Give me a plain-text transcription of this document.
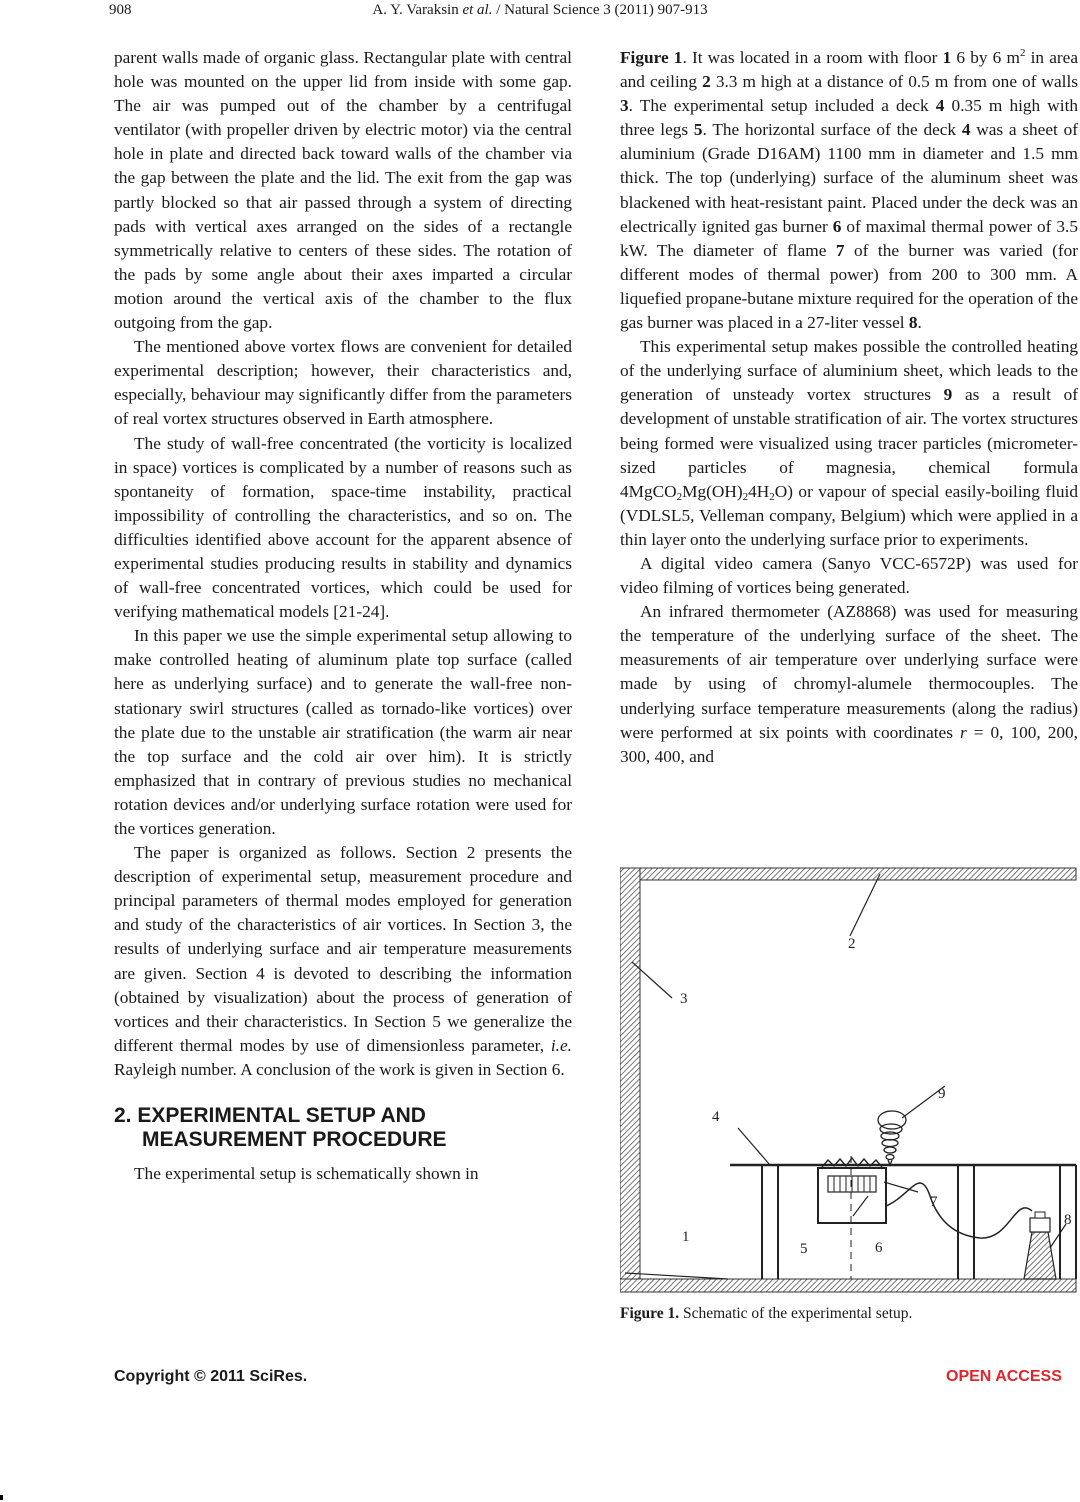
908	A. Y. Varaksin et al. / Natural Science 3 (2011) 907-913

parent walls made of organic glass. Rectangular plate with central hole was mounted on the upper lid from inside with some gap. The air was pumped out of the chamber by a centrifugal ventilator (with propeller driven by electric motor) via the central hole in plate and directed back toward walls of the chamber via the gap between the plate and the lid. The exit from the gap was partly blocked so that air passed through a system of directing pads with vertical axes arranged on the sides of a rectangle symmetrically relative to centers of these sides. The rotation of the pads by some angle about their axes imparted a circular motion around the vertical axis of the chamber to the flux outgoing from the gap.

The mentioned above vortex flows are convenient for detailed experimental description; however, their characteristics and, especially, behaviour may significantly differ from the parameters of real vortex structures observed in Earth atmosphere.

The study of wall-free concentrated (the vorticity is localized in space) vortices is complicated by a number of reasons such as spontaneity of formation, space-time instability, practical impossibility of controlling the characteristics, and so on. The difficulties identified above account for the apparent absence of experimental studies producing results in stability and dynamics of wall-free concentrated vortices, which could be used for verifying mathematical models [21-24].

In this paper we use the simple experimental setup allowing to make controlled heating of aluminum plate top surface (called here as underlying surface) and to generate the wall-free non-stationary swirl structures (called as tornado-like vortices) over the plate due to the unstable air stratification (the warm air near the top surface and the cold air over him). It is strictly emphasized that in contrary of previous studies no mechanical rotation devices and/or underlying surface rotation were used for the vortices generation.

The paper is organized as follows. Section 2 presents the description of experimental setup, measurement procedure and principal parameters of thermal modes employed for generation and study of the characteristics of air vortices. In Section 3, the results of underlying surface and air temperature measurements are given. Section 4 is devoted to describing the information (obtained by visualization) about the process of generation of vortices and their characteristics. In Section 5 we generalize the different thermal modes by use of dimensionless parameter, i.e. Rayleigh number. A conclusion of the work is given in Section 6.

2. EXPERIMENTAL SETUP AND
MEASUREMENT PROCEDURE

The experimental setup is schematically shown in

Figure 1. It was located in a room with floor 1 6 by 6 $m^2$ in area and ceiling 2 3.3 m high at a distance of 0.5 m from one of walls 3. The experimental setup included a deck 4 0.35 m high with three legs 5. The horizontal surface of the deck 4 was a sheet of aluminium (Grade D16AM) 1100 mm in diameter and 1.5 mm thick. The top (underlying) surface of the aluminum sheet was blackened with heat-resistant paint. Placed under the deck was an electrically ignited gas burner 6 of maximal thermal power of 3.5 kW. The diameter of flame 7 of the burner was varied (for different modes of thermal power) from 200 to 300 mm. A liquefied propane-butane mixture required for the operation of the gas burner was placed in a 27-liter vessel 8.

This experimental setup makes possible the controlled heating of the underlying surface of aluminium sheet, which leads to the generation of unsteady vortex structures 9 as a result of development of unstable stratification of air. The vortex structures being formed were visualized using tracer particles (micrometer-sized particles of magnesia, chemical formula $4MgCO_2Mg(OH)_24H_2O$) or vapour of special easily-boiling fluid (VDLSL5, Velleman company, Belgium) which were applied in a thin layer onto the underlying surface prior to experiments.

A digital video camera (Sanyo VCC-6572P) was used for video filming of vortices being generated.

An infrared thermometer (AZ8868) was used for measuring the temperature of the underlying surface of the sheet. The measurements of air temperature over underlying surface were made by using of chromyl-alumele thermocouples. The underlying surface temperature measurements (along the radius) were performed at six points with coordinates r = 0, 100, 200, 300, 400, and

1
2
3
4
5	6
7
8
9
Figure 1. Schematic of the experimental setup.
Copyright © 2011 SciRes.	OPEN ACCESS
